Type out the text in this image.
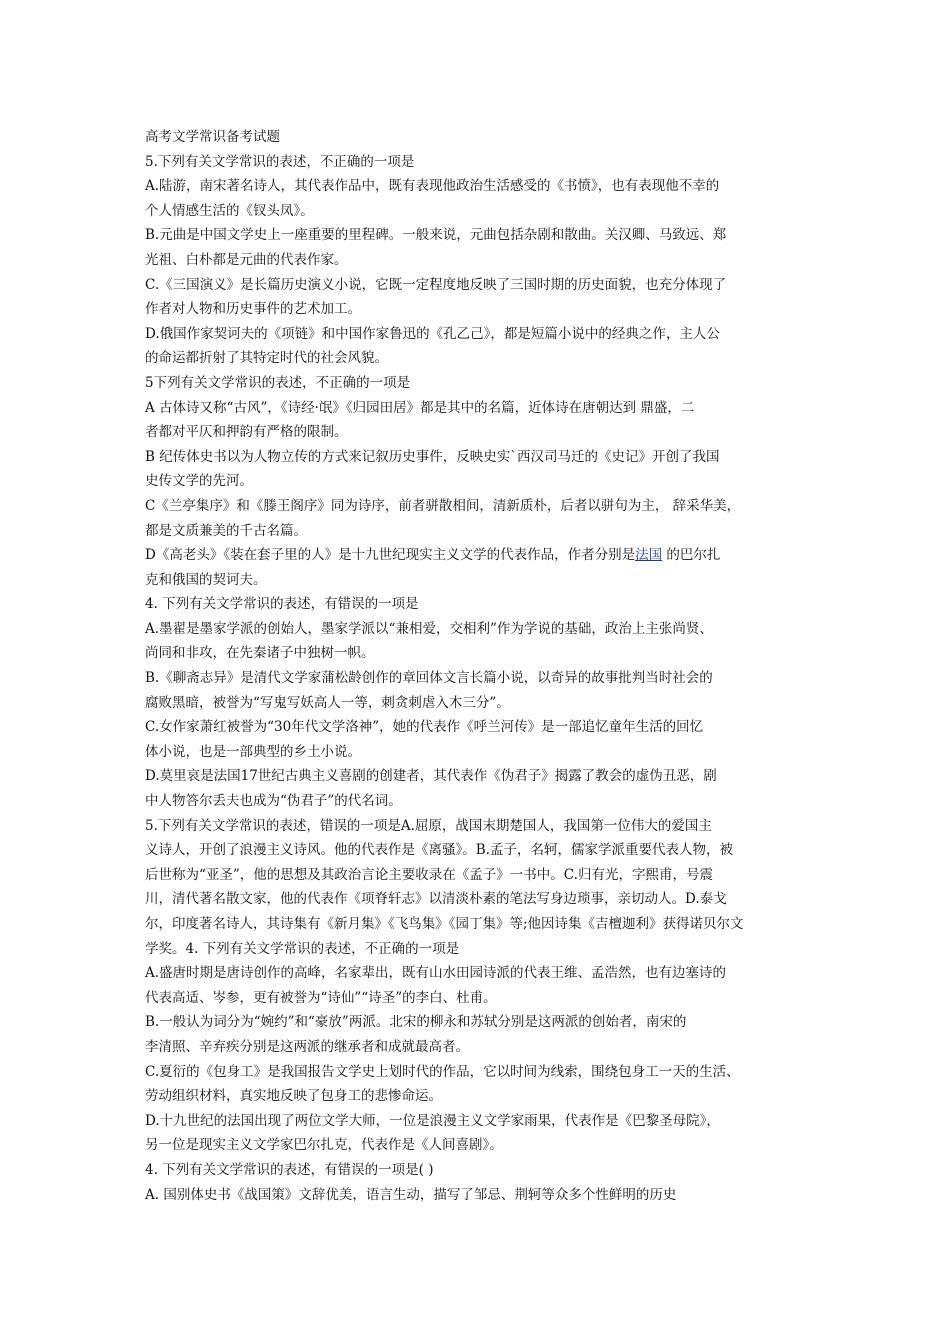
高考文学常识备考试题
5.下列有关文学常识的表述，不正确的一项是
A.陆游，南宋著名诗人，其代表作品中，既有表现他政治生活感受的《书愤》，也有表现他不幸的
个人情感生活的《钗头凤》。
B.元曲是中国文学史上一座重要的里程碑。一般来说，元曲包括杂剧和散曲。关汉卿、马致远、郑
光祖、白朴都是元曲的代表作家。
C.《三国演义》是长篇历史演义小说，它既一定程度地反映了三国时期的历史面貌，也充分体现了
作者对人物和历史事件的艺术加工。
D.俄国作家契诃夫的《项链》和中国作家鲁迅的《孔乙己》，都是短篇小说中的经典之作，主人公
的命运都折射了其特定时代的社会风貌。
5下列有关文学常识的表述，不正确的一项是
A 古体诗又称“古风”，《诗经·氓》《归园田居》都是其中的名篇，近体诗在唐朝达到 鼎盛，二
者都对平仄和押韵有严格的限制。
B 纪传体史书以为人物立传的方式来记叙历史事件，反映史实`西汉司马迁的《史记》开创了我国
史传文学的先河。
C《兰亭集序》和《滕王阁序》同为诗序，前者骈散相间，清新质朴，后者以骈句为主， 辞采华美，
都是文质兼美的千古名篇。
D《高老头》《装在套子里的人》是十九世纪现实主义文学的代表作品，作者分别是法国 的巴尔扎
克和俄国的契诃夫。
4. 下列有关文学常识的表述，有错误的一项是
A.墨翟是墨家学派的创始人，墨家学派以“兼相爱，交相利”作为学说的基础，政治上主张尚贤、
尚同和非攻，在先秦诸子中独树一帜。
B.《聊斋志异》是清代文学家蒲松龄创作的章回体文言长篇小说，以奇异的故事批判当时社会的
腐败黑暗，被誉为“写鬼写妖高人一等，刺贪刺虐入木三分”。
C.女作家萧红被誉为“30年代文学洛神”，她的代表作《呼兰河传》是一部追忆童年生活的回忆
体小说，也是一部典型的乡土小说。
D.莫里哀是法国17世纪古典主义喜剧的创建者，其代表作《伪君子》揭露了教会的虚伪丑恶，剧
中人物答尔丢夫也成为“伪君子”的代名词。
5.下列有关文学常识的表述，错误的一项是A.屈原，战国末期楚国人，我国第一位伟大的爱国主
义诗人，开创了浪漫主义诗风。他的代表作是《离骚》。B.孟子，名轲，儒家学派重要代表人物，被
后世称为“亚圣”，他的思想及其政治言论主要收录在《孟子》一书中。C.归有光，字熙甫，号震
川，清代著名散文家，他的代表作《项脊轩志》以清淡朴素的笔法写身边琐事，亲切动人。D.泰戈
尔，印度著名诗人，其诗集有《新月集》《飞鸟集》《园丁集》等;他因诗集《吉檀迦利》获得诺贝尔文
学奖。4. 下列有关文学常识的表述，不正确的一项是
A.盛唐时期是唐诗创作的高峰，名家辈出，既有山水田园诗派的代表王维、孟浩然，也有边塞诗的
代表高适、岑参，更有被誉为“诗仙”“诗圣”的李白、杜甫。
B.一般认为词分为“婉约”和“豪放”两派。北宋的柳永和苏轼分别是这两派的创始者，南宋的
李清照、辛弃疾分别是这两派的继承者和成就最高者。
C.夏衍的《包身工》是我国报告文学史上划时代的作品，它以时间为线索，围绕包身工一天的生活、
劳动组织材料，真实地反映了包身工的悲惨命运。
D.十九世纪的法国出现了两位文学大师，一位是浪漫主义文学家雨果，代表作是《巴黎圣母院》，
另一位是现实主义文学家巴尔扎克，代表作是《人间喜剧》。
4. 下列有关文学常识的表述，有错误的一项是( )
A. 国别体史书《战国策》文辞优美，语言生动，描写了邹忌、荆轲等众多个性鲜明的历史
